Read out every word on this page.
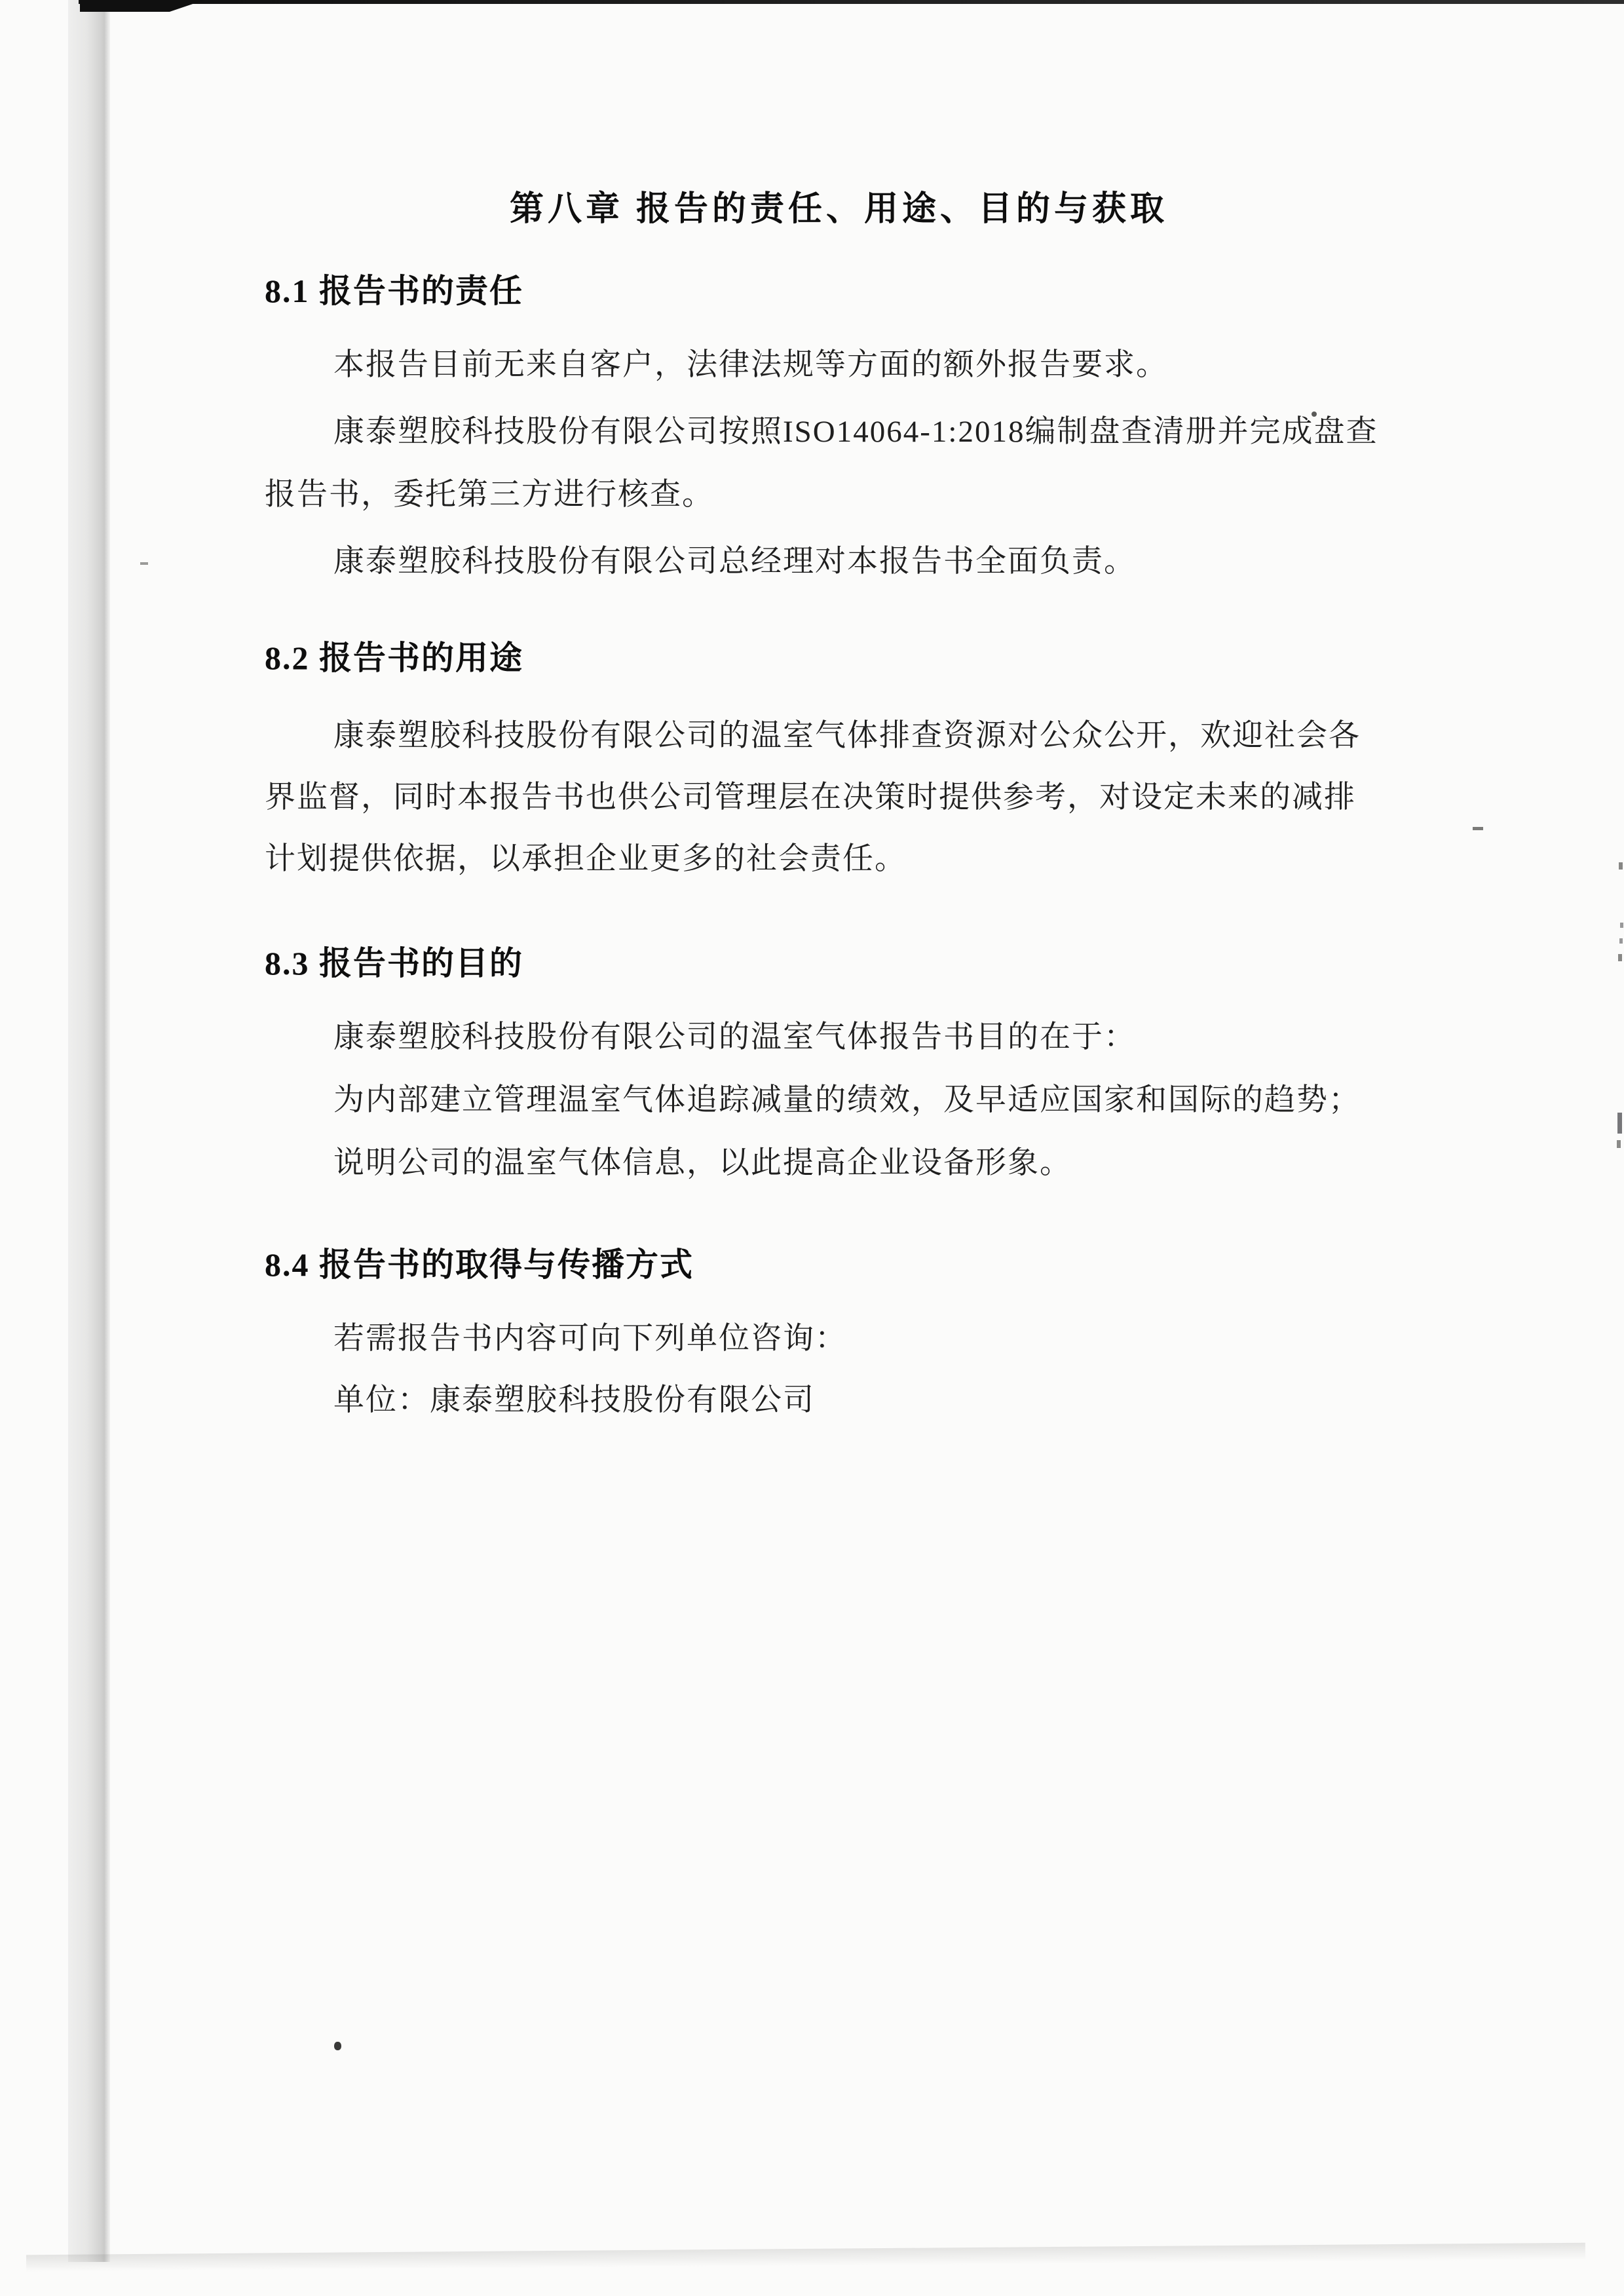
第八章 报告的责任、用途、目的与获取
8.1 报告书的责任
本报告目前无来自客户，法律法规等方面的额外报告要求。
康泰塑胶科技股份有限公司按照ISO14064-1:2018编制盘查清册并完成盘查
报告书，委托第三方进行核查。
康泰塑胶科技股份有限公司总经理对本报告书全面负责。
8.2 报告书的用途
康泰塑胶科技股份有限公司的温室气体排查资源对公众公开，欢迎社会各
界监督，同时本报告书也供公司管理层在决策时提供参考，对设定未来的减排
计划提供依据，以承担企业更多的社会责任。
8.3 报告书的目的
康泰塑胶科技股份有限公司的温室气体报告书目的在于：
为内部建立管理温室气体追踪减量的绩效，及早适应国家和国际的趋势；
说明公司的温室气体信息，以此提高企业设备形象。
8.4 报告书的取得与传播方式
若需报告书内容可向下列单位咨询：
单位：康泰塑胶科技股份有限公司
